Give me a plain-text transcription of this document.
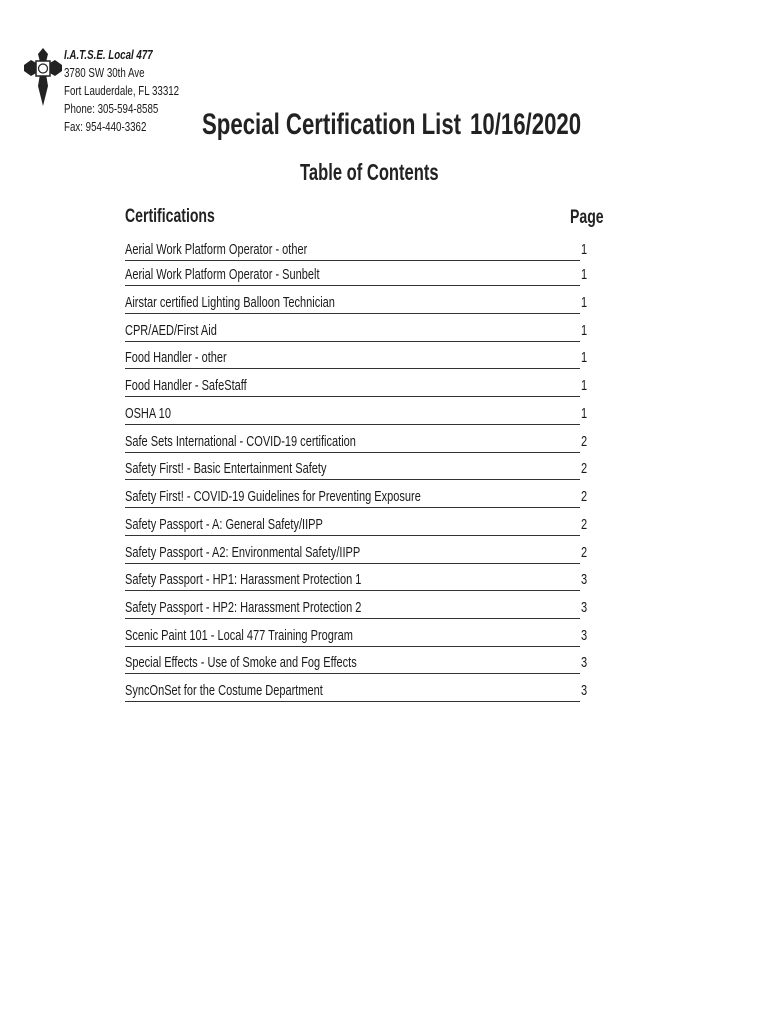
I.A.T.S.E. Local 477
3780 SW 30th Ave
Fort Lauderdale, FL 33312
Phone: 305-594-8585
Fax: 954-440-3362	Special Certification List 10/16/2020
Table of Contents
Certifications	Page
Aerial Work Platform Operator - other	1
Aerial Work Platform Operator - Sunbelt	1
Airstar certified Lighting Balloon Technician	1
CPR/AED/First Aid	1
Food Handler - other	1
Food Handler - SafeStaff	1
OSHA 10	1
Safe Sets International - COVID-19 certification	2
Safety First! - Basic Entertainment Safety	2
Safety First! - COVID-19 Guidelines for Preventing Exposure	2
Safety Passport - A: General Safety/IIPP	2
Safety Passport - A2: Environmental Safety/IIPP	2
Safety Passport - HP1: Harassment Protection 1	3
Safety Passport - HP2: Harassment Protection 2	3
Scenic Paint 101 - Local 477 Training Program	3
Special Effects - Use of Smoke and Fog Effects	3
SyncOnSet for the Costume Department	3
